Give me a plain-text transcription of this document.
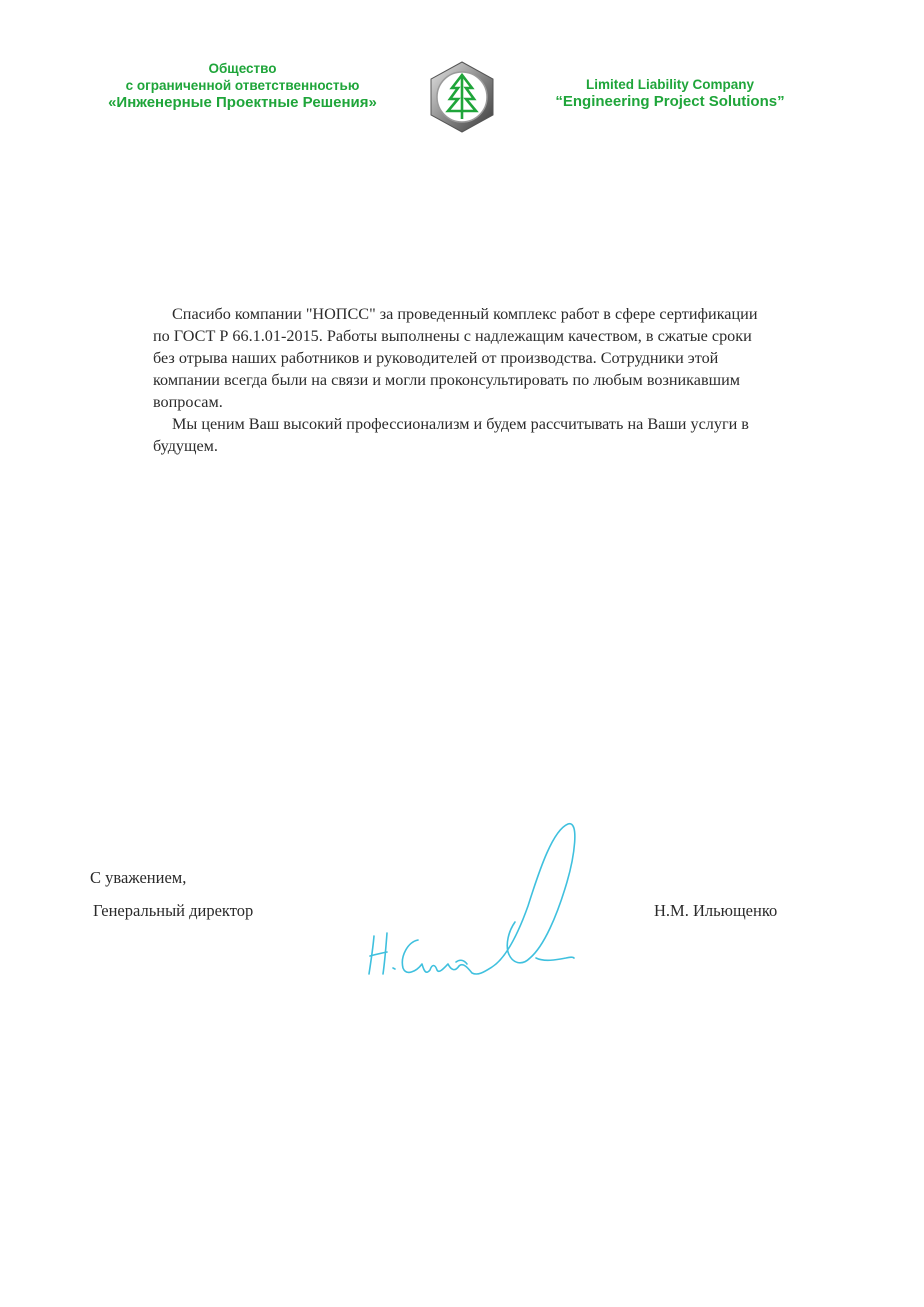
Общество
с ограниченной ответственностью
«Инженерные Проектные Решения»
Limited Liability Company
“Engineering Project Solutions”

Спасибо компании "НОПСС" за проведенный комплекс работ в сфере сертификации по ГОСТ Р 66.1.01-2015. Работы выполнены с надлежащим качеством, в сжатые сроки без отрыва наших работников и руководителей от производства. Сотрудники этой компании всегда были на связи и могли проконсультировать по любым возникавшим вопросам.

Мы ценим Ваш высокий профессионализм и будем рассчитывать на Ваши услуги в будущем.

С уважением,
Генеральный директор	Н.М. Ильющенко
